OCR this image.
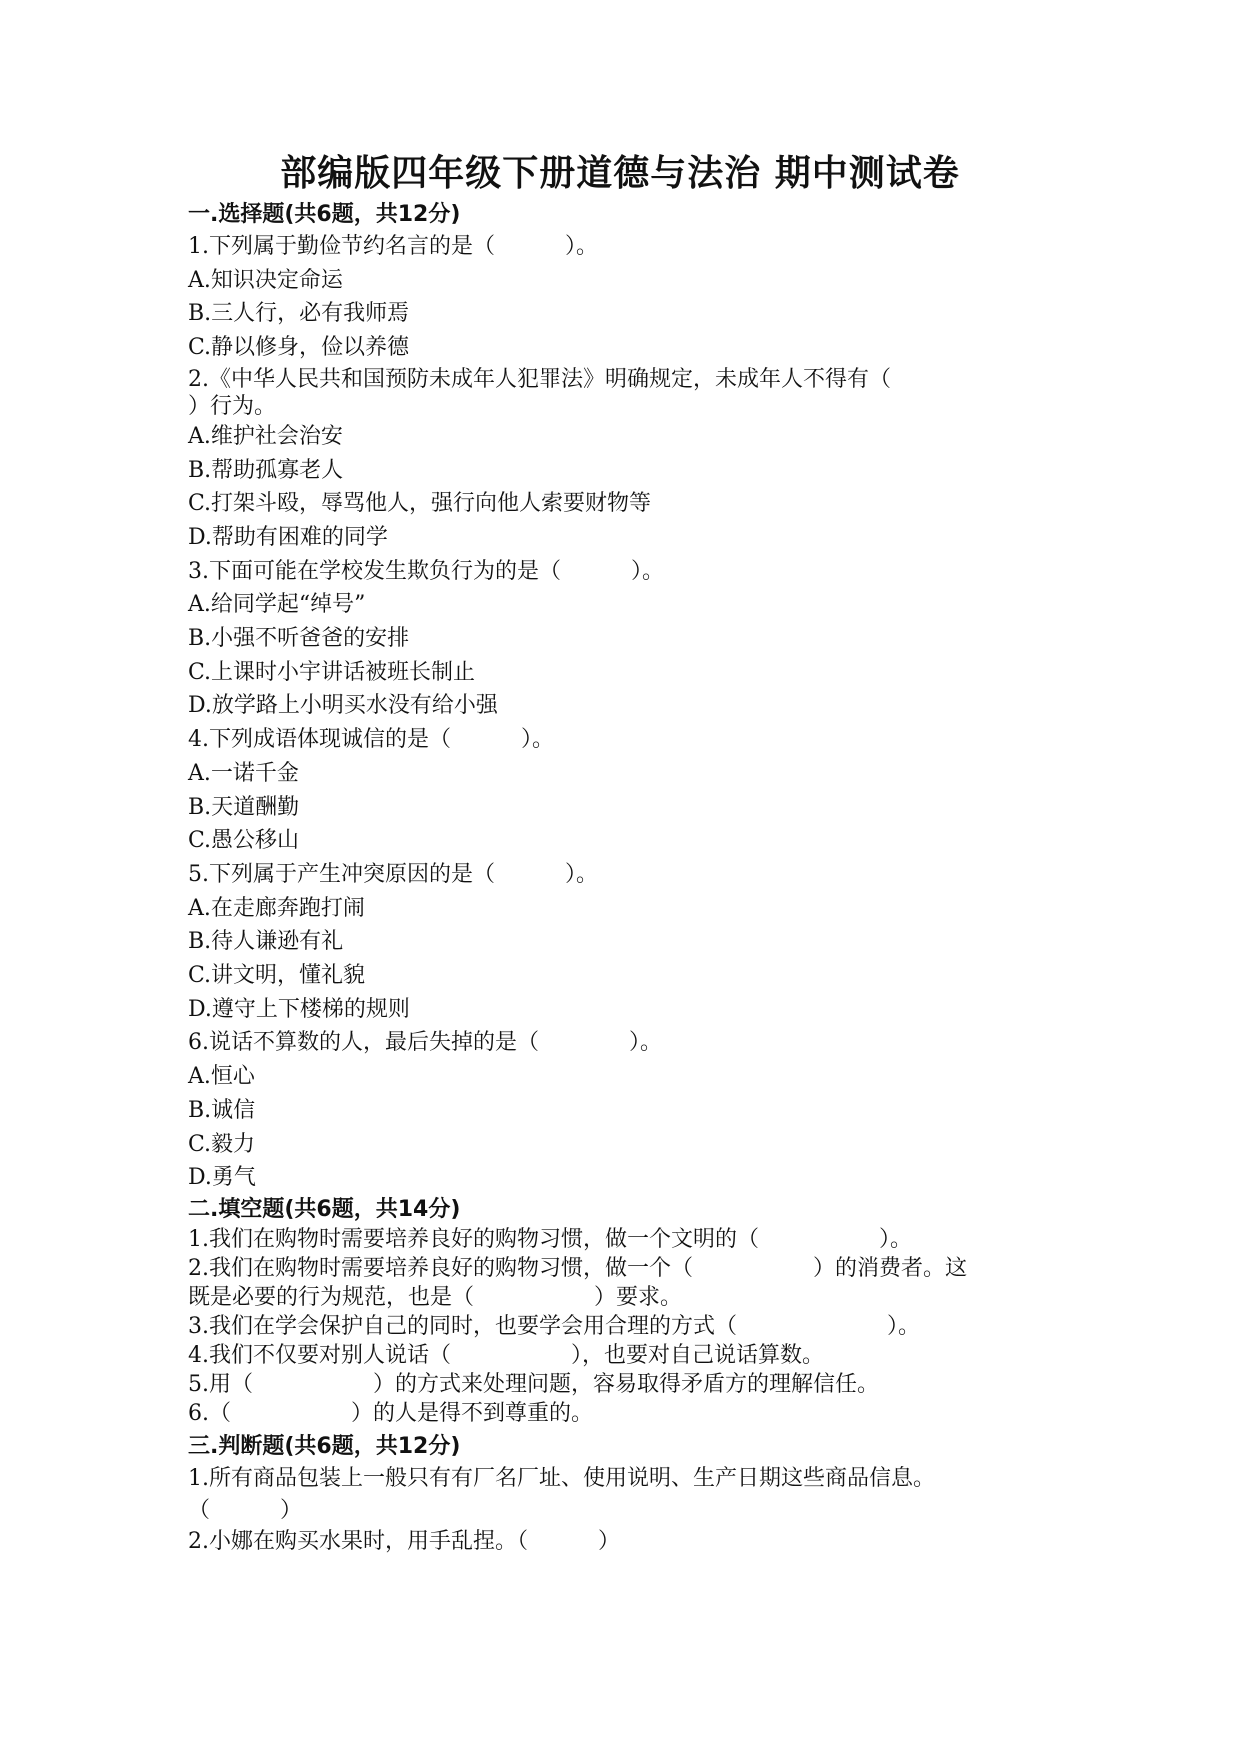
部编版四年级下册道德与法治 期中测试卷
一.选择题(共6题，共12分)
1.下列属于勤俭节约名言的是（	）。
A.知识决定命运
B.三人行，必有我师焉
C.静以修身，俭以养德
2.《中华人民共和国预防未成年人犯罪法》明确规定，未成年人不得有（
）行为。
A.维护社会治安
B.帮助孤寡老人
C.打架斗殴，辱骂他人，强行向他人索要财物等
D.帮助有困难的同学
3.下面可能在学校发生欺负行为的是（	）。
A.给同学起“绰号”
B.小强不听爸爸的安排
C.上课时小宇讲话被班长制止
D.放学路上小明买水没有给小强
4.下列成语体现诚信的是（	）。
A.一诺千金
B.天道酬勤
C.愚公移山
5.下列属于产生冲突原因的是（	）。
A.在走廊奔跑打闹
B.待人谦逊有礼
C.讲文明，懂礼貌
D.遵守上下楼梯的规则
6.说话不算数的人，最后失掉的是（	）。
A.恒心
B.诚信
C.毅力
D.勇气
二.填空题(共6题，共14分)
1.我们在购物时需要培养良好的购物习惯，做一个文明的（	）。
2.我们在购物时需要培养良好的购物习惯，做一个（	）的消费者。这
既是必要的行为规范，也是（	）要求。
3.我们在学会保护自己的同时，也要学会用合理的方式（	）。
4.我们不仅要对别人说话（	），也要对自己说话算数。
5.用（	）的方式来处理问题，容易取得矛盾方的理解信任。
6.（	）的人是得不到尊重的。
三.判断题(共6题，共12分)
1.所有商品包装上一般只有有厂名厂址、使用说明、生产日期这些商品信息。
（	）
2.小娜在购买水果时，用手乱捏。（	）
